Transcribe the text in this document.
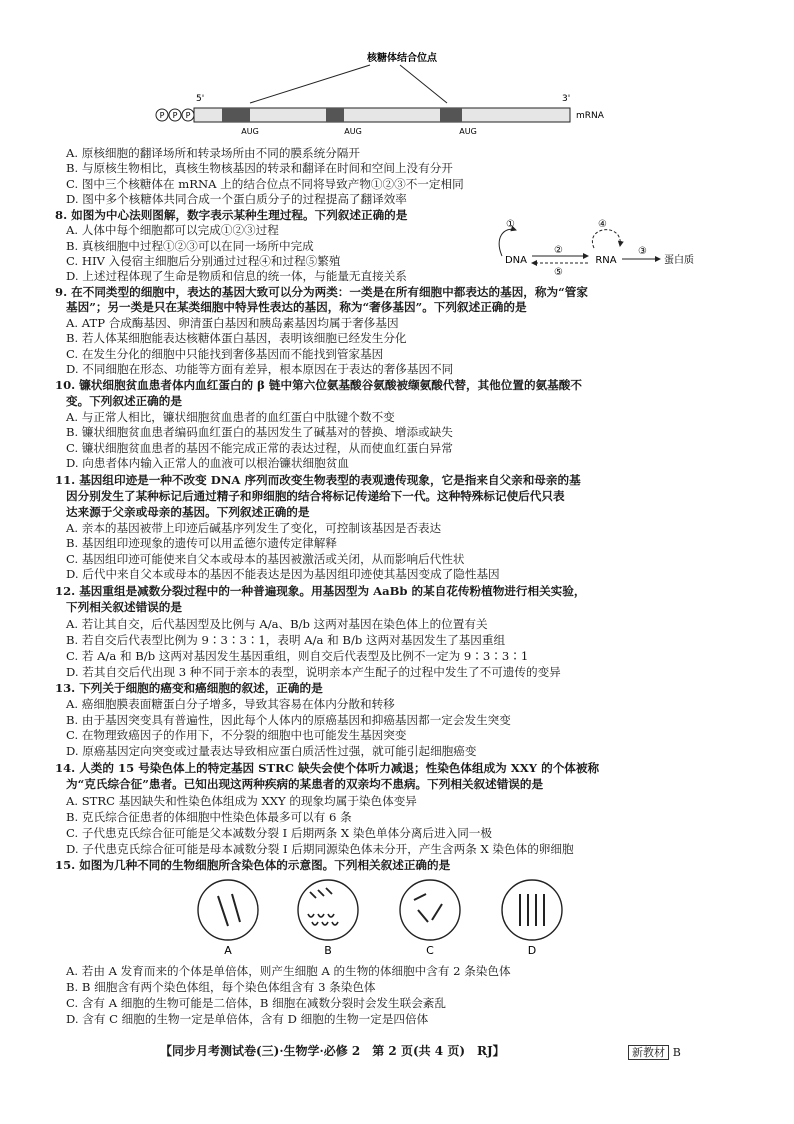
核糖体结合位点
P P P
5'	3'
mRNA
AUG	AUG	AUG
A. 原核细胞的翻译场所和转录场所由不同的膜系统分隔开
B. 与原核生物相比，真核生物核基因的转录和翻译在时间和空间上没有分开
C. 图中三个核糖体在 mRNA 上的结合位点不同将导致产物①②③不一定相同
D. 图中多个核糖体共同合成一个蛋白质分子的过程提高了翻译效率
8. 如图为中心法则图解，数字表示某种生理过程。下列叙述正确的是
A. 人体中每个细胞都可以完成①②③过程
B. 真核细胞中过程①②③可以在同一场所中完成
C. HIV 入侵宿主细胞后分别通过过程④和过程⑤繁殖
D. 上述过程体现了生命是物质和信息的统一体，与能量无直接关系
DNA	RNA	蛋白质
①
②
⑤
④
③
9. 在不同类型的细胞中，表达的基因大致可以分为两类：一类是在所有细胞中都表达的基因，称为“管家
基因”；另一类是只在某类细胞中特异性表达的基因，称为“奢侈基因”。下列叙述正确的是
A. ATP 合成酶基因、卵清蛋白基因和胰岛素基因均属于奢侈基因
B. 若人体某细胞能表达核糖体蛋白基因，表明该细胞已经发生分化
C. 在发生分化的细胞中只能找到奢侈基因而不能找到管家基因
D. 不同细胞在形态、功能等方面有差异，根本原因在于表达的奢侈基因不同
10. 镰状细胞贫血患者体内血红蛋白的 β 链中第六位氨基酸谷氨酸被缬氨酸代替，其他位置的氨基酸不
变。下列叙述正确的是
A. 与正常人相比，镰状细胞贫血患者的血红蛋白中肽键个数不变
B. 镰状细胞贫血患者编码血红蛋白的基因发生了碱基对的替换、增添或缺失
C. 镰状细胞贫血患者的基因不能完成正常的表达过程，从而使血红蛋白异常
D. 向患者体内输入正常人的血液可以根治镰状细胞贫血
11. 基因组印迹是一种不改变 DNA 序列而改变生物表型的表观遗传现象，它是指来自父亲和母亲的基
因分别发生了某种标记后通过精子和卵细胞的结合将标记传递给下一代。这种特殊标记使后代只表
达来源于父亲或母亲的基因。下列叙述正确的是
A. 亲本的基因被带上印迹后碱基序列发生了变化，可控制该基因是否表达
B. 基因组印迹现象的遗传可以用孟德尔遗传定律解释
C. 基因组印迹可能使来自父本或母本的基因被激活或关闭，从而影响后代性状
D. 后代中来自父本或母本的基因不能表达是因为基因组印迹使其基因变成了隐性基因
12. 基因重组是减数分裂过程中的一种普遍现象。用基因型为 AaBb 的某自花传粉植物进行相关实验，
下列相关叙述错误的是
A. 若让其自交，后代基因型及比例与 A/a、B/b 这两对基因在染色体上的位置有关
B. 若自交后代表型比例为 9∶3∶3∶1，表明 A/a 和 B/b 这两对基因发生了基因重组
C. 若 A/a 和 B/b 这两对基因发生基因重组，则自交后代表型及比例不一定为 9∶3∶3∶1
D. 若其自交后代出现 3 种不同于亲本的表型，说明亲本产生配子的过程中发生了不可遗传的变异
13. 下列关于细胞的癌变和癌细胞的叙述，正确的是
A. 癌细胞膜表面糖蛋白分子增多，导致其容易在体内分散和转移
B. 由于基因突变具有普遍性，因此每个人体内的原癌基因和抑癌基因都一定会发生突变
C. 在物理致癌因子的作用下，不分裂的细胞中也可能发生基因突变
D. 原癌基因定向突变或过量表达导致相应蛋白质活性过强，就可能引起细胞癌变
14. 人类的 15 号染色体上的特定基因 STRC 缺失会使个体听力减退；性染色体组成为 XXY 的个体被称
为“克氏综合征”患者。已知出现这两种疾病的某患者的双亲均不患病。下列相关叙述错误的是
A. STRC 基因缺失和性染色体组成为 XXY 的现象均属于染色体变异
B. 克氏综合征患者的体细胞中性染色体最多可以有 6 条
C. 子代患克氏综合征可能是父本减数分裂 I 后期两条 X 染色单体分离后进入同一极
D. 子代患克氏综合征可能是母本减数分裂 I 后期同源染色体未分开，产生含两条 X 染色体的卵细胞
15. 如图为几种不同的生物细胞所含染色体的示意图。下列相关叙述正确的是
A	B	C	D
A. 若由 A 发育而来的个体是单倍体，则产生细胞 A 的生物的体细胞中含有 2 条染色体
B. B 细胞含有两个染色体组，每个染色体组含有 3 条染色体
C. 含有 A 细胞的生物可能是二倍体，B 细胞在减数分裂时会发生联会紊乱
D. 含有 C 细胞的生物一定是单倍体，含有 D 细胞的生物一定是四倍体
【同步月考测试卷(三)·生物学·必修 2　第 2 页(共 4 页)　RJ】	新教材 B
